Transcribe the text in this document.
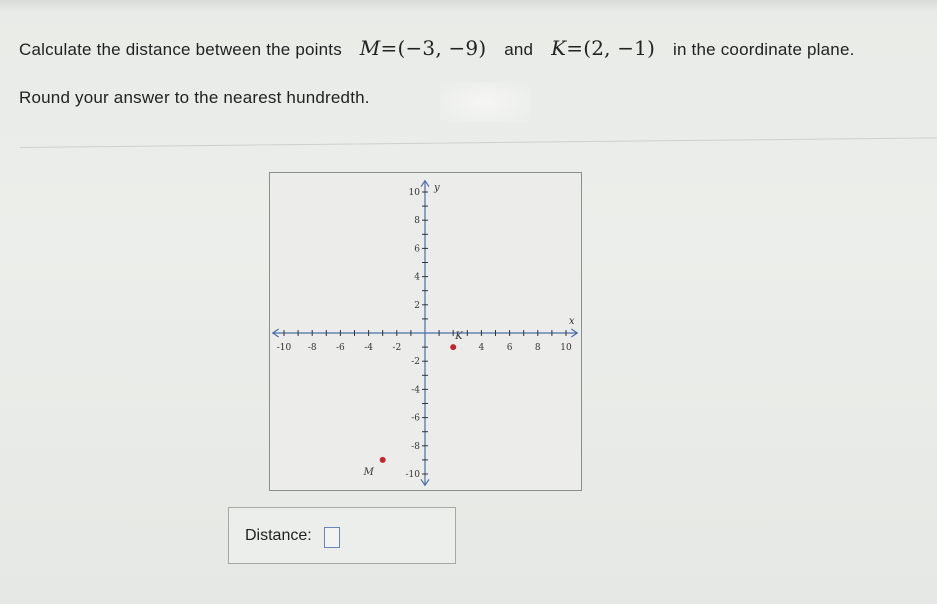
Calculate the distance between the points M=(−3, −9) and K=(2, −1) in the coordinate plane.
Round your answer to the nearest hundredth.
-10 -8 -6 -4 -2	4 6 8 10
10
8
6
4
2
-2
-4
-6
-8
-10
x
y
K
M
Distance:
